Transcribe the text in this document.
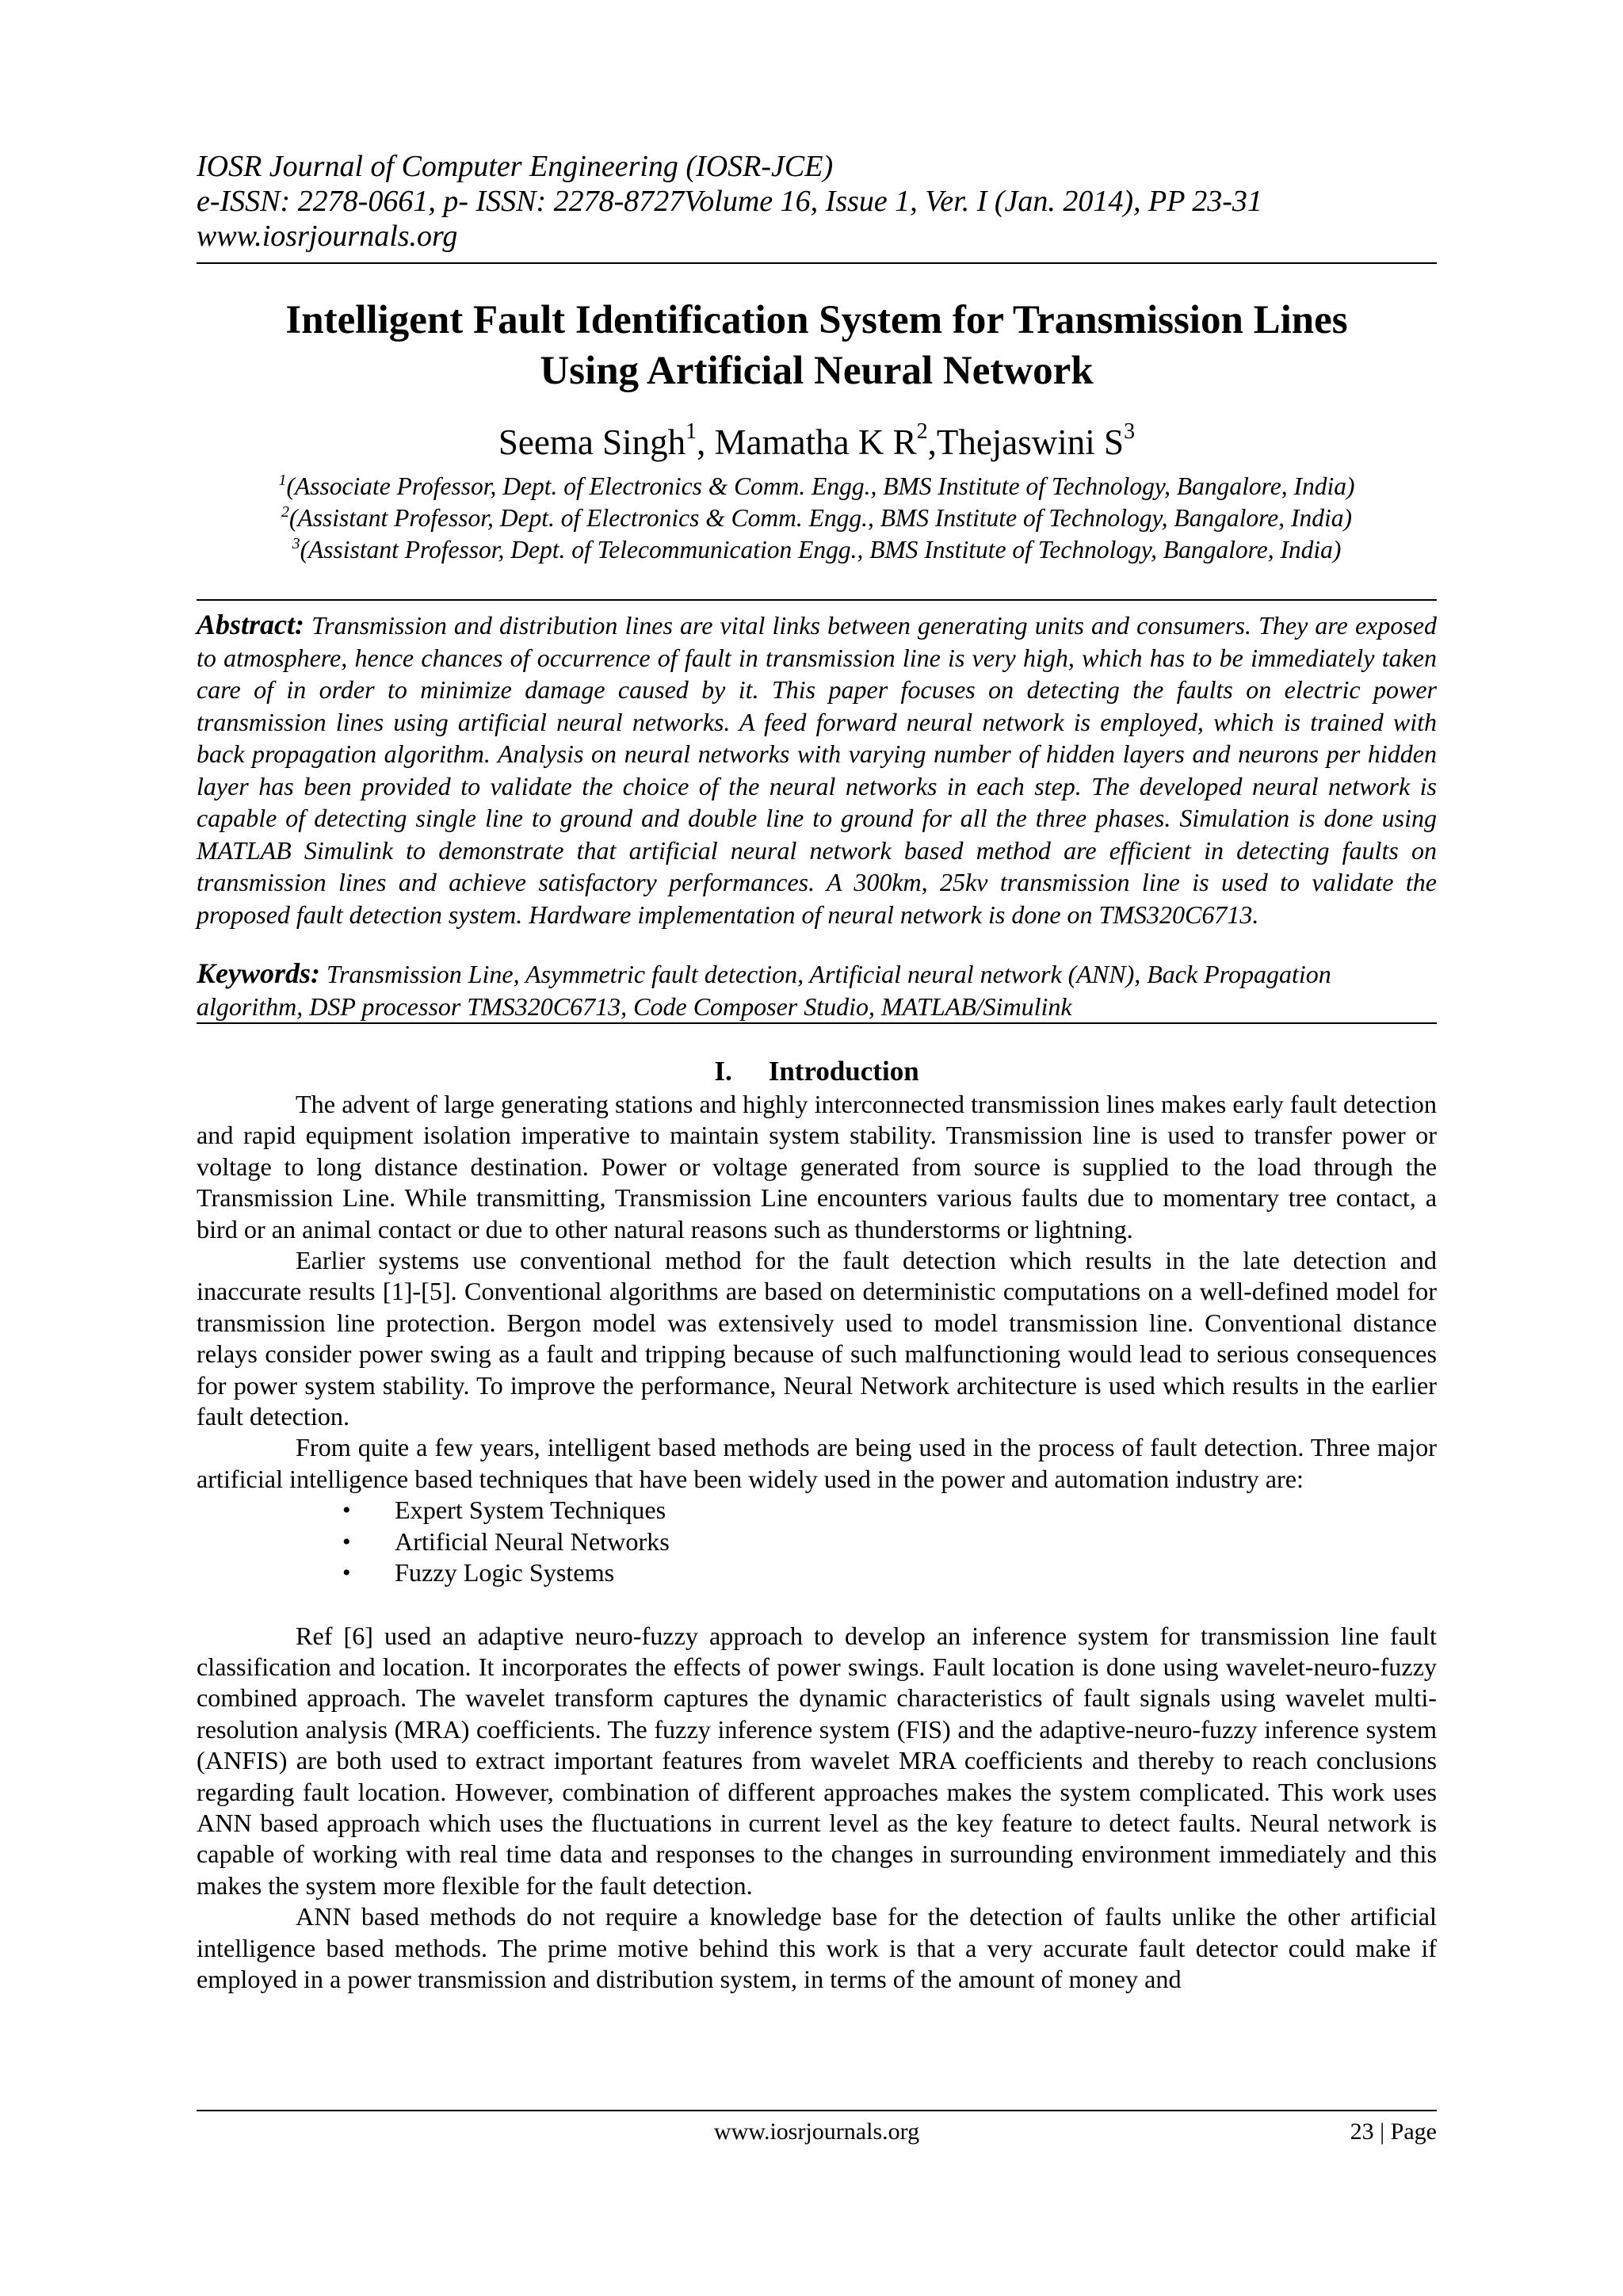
IOSR Journal of Computer Engineering (IOSR-JCE)
e-ISSN: 2278-0661, p- ISSN: 2278-8727Volume 16, Issue 1, Ver. I (Jan. 2014), PP 23-31
www.iosrjournals.org
Intelligent Fault Identification System for Transmission Lines
Using Artificial Neural Network
Seema Singh$^1$, Mamatha K $R^2,Thejaswini$ $S^3$
$^1$(Associate Professor, Dept. of Electronics & Comm. Engg., BMS Institute of Technology, Bangalore, India)
$^2$(Assistant Professor, Dept. of Electronics & Comm. Engg., BMS Institute of Technology, Bangalore, India)
$^3$(Assistant Professor, Dept. of Telecommunication Engg., BMS Institute of Technology, Bangalore, India)
Abstract: Transmission and distribution lines are vital links between generating units and consumers. They are exposed to atmosphere, hence chances of occurrence of fault in transmission line is very high, which has to be immediately taken care of in order to minimize damage caused by it. This paper focuses on detecting the faults on electric power transmission lines using artificial neural networks. A feed forward neural network is employed, which is trained with back propagation algorithm. Analysis on neural networks with varying number of hidden layers and neurons per hidden layer has been provided to validate the choice of the neural networks in each step. The developed neural network is capable of detecting single line to ground and double line to ground for all the three phases. Simulation is done using MATLAB Simulink to demonstrate that artificial neural network based method are efficient in detecting faults on transmission lines and achieve satisfactory performances. A 300km, 25kv transmission line is used to validate the proposed fault detection system. Hardware implementation of neural network is done on TMS320C6713.
Keywords: Transmission Line, Asymmetric fault detection, Artificial neural network (ANN), Back Propagation algorithm, DSP processor TMS320C6713, Code Composer Studio, MATLAB/Simulink
I. Introduction

The advent of large generating stations and highly interconnected transmission lines makes early fault detection and rapid equipment isolation imperative to maintain system stability. Transmission line is used to transfer power or voltage to long distance destination. Power or voltage generated from source is supplied to the load through the Transmission Line. While transmitting, Transmission Line encounters various faults due to momentary tree contact, a bird or an animal contact or due to other natural reasons such as thunderstorms or lightning.

Earlier systems use conventional method for the fault detection which results in the late detection and inaccurate results [1]-[5]. Conventional algorithms are based on deterministic computations on a well-defined model for transmission line protection. Bergon model was extensively used to model transmission line. Conventional distance relays consider power swing as a fault and tripping because of such malfunctioning would lead to serious consequences for power system stability. To improve the performance, Neural Network architecture is used which results in the earlier fault detection.

From quite a few years, intelligent based methods are being used in the process of fault detection. Three major artificial intelligence based techniques that have been widely used in the power and automation industry are:

• Expert System Techniques
• Artificial Neural Networks
• Fuzzy Logic Systems

Ref [6] used an adaptive neuro-fuzzy approach to develop an inference system for transmission line fault classification and location. It incorporates the effects of power swings. Fault location is done using wavelet-neuro-fuzzy combined approach. The wavelet transform captures the dynamic characteristics of fault signals using wavelet multi-resolution analysis (MRA) coefficients. The fuzzy inference system (FIS) and the adaptive-neuro-fuzzy inference system (ANFIS) are both used to extract important features from wavelet MRA coefficients and thereby to reach conclusions regarding fault location. However, combination of different approaches makes the system complicated. This work uses ANN based approach which uses the fluctuations in current level as the key feature to detect faults. Neural network is capable of working with real time data and responses to the changes in surrounding environment immediately and this makes the system more flexible for the fault detection.

ANN based methods do not require a knowledge base for the detection of faults unlike the other artificial intelligence based methods. The prime motive behind this work is that a very accurate fault detector could make if employed in a power transmission and distribution system, in terms of the amount of money and

www.iosrjournals.org	23 | Page
